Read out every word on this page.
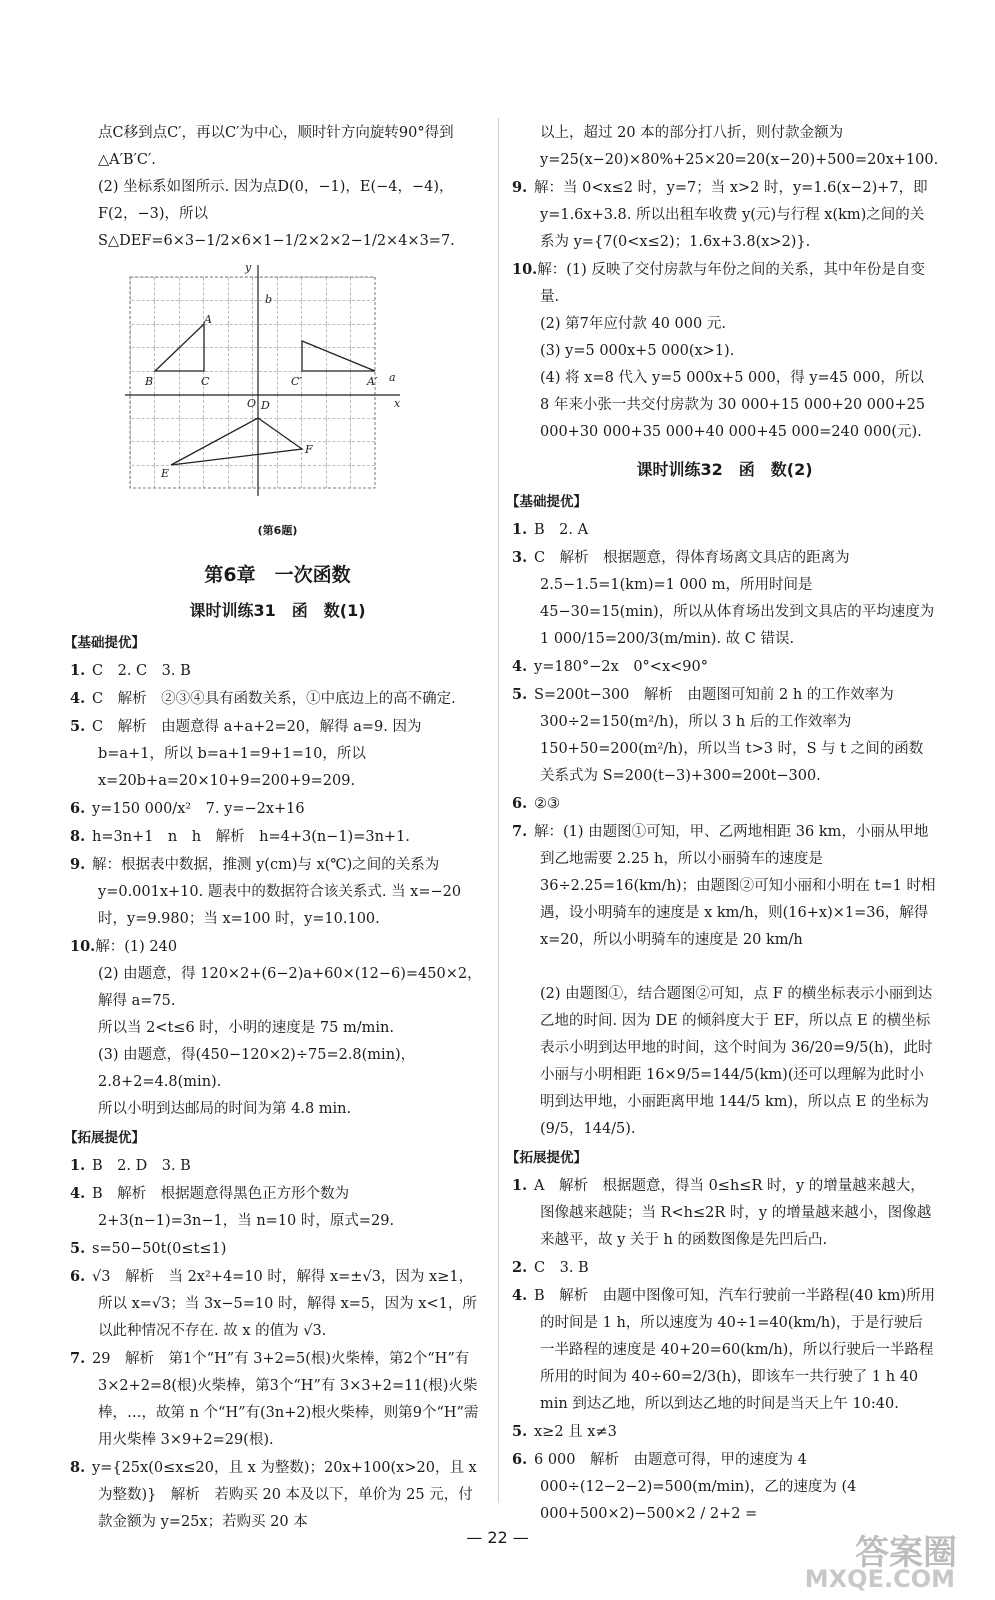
点C移到点C′，再以C′为中心，顺时针方向旋转90°得到△A′B′C′.

(2) 坐标系如图所示. 因为点D(0，−1)，E(−4，−4)，F(2，−3)，所以 S△DEF=6×3−1/2×6×1−1/2×2×2−1/2×4×3=7.

y
b
A
B	C	C′	A′ a
x
O D
F
E
(第6题)
第6章　一次函数
课时训练31　函　数(1)
【基础提优】

1. C　2. C　3. B

4. C　解析　②③④具有函数关系，①中底边上的高不确定.

5. C　解析　由题意得 a+a+2=20，解得 a=9. 因为 b=a+1，所以 b=a+1=9+1=10，所以 x=20b+a=20×10+9=200+9=209.

6. y=150 000/x²　7. y=−2x+16

8. h=3n+1　n　h　解析　h=4+3(n−1)=3n+1.

9. 解：根据表中数据，推测 y(cm)与 x(℃)之间的关系为 y=0.001x+10. 题表中的数据符合该关系式. 当 x=−20 时，y=9.980；当 x=100 时，y=10.100.

10.解：(1) 240

(2) 由题意，得 120×2+(6−2)a+60×(12−6)=450×2，解得 a=75.

所以当 2<t≤6 时，小明的速度是 75 m/min.

(3) 由题意，得(450−120×2)÷75=2.8(min)，2.8+2=4.8(min).

所以小明到达邮局的时间为第 4.8 min.

【拓展提优】

1. B　2. D　3. B

4. B　解析　根据题意得黑色正方形个数为 2+3(n−1)=3n−1，当 n=10 时，原式=29.

5. s=50−50t(0≤t≤1)

6. √3　解析　当 2x²+4=10 时，解得 x=±√3，因为 x≥1，所以 x=√3；当 3x−5=10 时，解得 x=5，因为 x<1，所以此种情况不存在. 故 x 的值为 √3.

7. 29　解析　第1个“H”有 3+2=5(根)火柴棒，第2个“H”有 3×2+2=8(根)火柴棒，第3个“H”有 3×3+2=11(根)火柴棒，…，故第 n 个“H”有(3n+2)根火柴棒，则第9个“H”需用火柴棒 3×9+2=29(根).

8. y={25x(0≤x≤20，且 x 为整数)；20x+100(x>20，且 x 为整数)}　解析　若购买 20 本及以下，单价为 25 元，付款金额为 y=25x；若购买 20 本

以上，超过 20 本的部分打八折，则付款金额为 y=25(x−20)×80%+25×20=20(x−20)+500=20x+100.

9. 解：当 0<x≤2 时，y=7；当 x>2 时，y=1.6(x−2)+7，即 y=1.6x+3.8. 所以出租车收费 y(元)与行程 x(km)之间的关系为 y={7(0<x≤2)；1.6x+3.8(x>2)}.

10.解：(1) 反映了交付房款与年份之间的关系，其中年份是自变量.

(2) 第7年应付款 40 000 元.

(3) y=5 000x+5 000(x>1).

(4) 将 x=8 代入 y=5 000x+5 000，得 y=45 000，所以 8 年来小张一共交付房款为 30 000+15 000+20 000+25 000+30 000+35 000+40 000+45 000=240 000(元).

课时训练32　函　数(2)
【基础提优】

1. B　2. A

3. C　解析　根据题意，得体育场离文具店的距离为 2.5−1.5=1(km)=1 000 m，所用时间是 45−30=15(min)，所以从体育场出发到文具店的平均速度为 1 000/15=200/3(m/min). 故 C 错误.

4. y=180°−2x　0°<x<90°

5. S=200t−300　解析　由题图可知前 2 h 的工作效率为 300÷2=150(m²/h)，所以 3 h 后的工作效率为 150+50=200(m²/h)，所以当 t>3 时，S 与 t 之间的函数关系式为 S=200(t−3)+300=200t−300.

6. ②③

7. 解：(1) 由题图①可知，甲、乙两地相距 36 km，小丽从甲地到乙地需要 2.25 h，所以小丽骑车的速度是 36÷2.25=16(km/h)；由题图②可知小丽和小明在 t=1 时相遇，设小明骑车的速度是 x km/h，则(16+x)×1=36，解得 x=20，所以小明骑车的速度是 20 km/h

(2) 由题图①，结合题图②可知，点 F 的横坐标表示小丽到达乙地的时间. 因为 DE 的倾斜度大于 EF，所以点 E 的横坐标表示小明到达甲地的时间，这个时间为 36/20=9/5(h)，此时小丽与小明相距 16×9/5=144/5(km)(还可以理解为此时小明到达甲地，小丽距离甲地 144/5 km)，所以点 E 的坐标为(9/5，144/5).

【拓展提优】

1. A　解析　根据题意，得当 0≤h≤R 时，y 的增量越来越大，图像越来越陡；当 R<h≤2R 时，y 的增量越来越小，图像越来越平，故 y 关于 h 的函数图像是先凹后凸.

2. C　3. B

4. B　解析　由题中图像可知，汽车行驶前一半路程(40 km)所用的时间是 1 h，所以速度为 40÷1=40(km/h)，于是行驶后一半路程的速度是 40+20=60(km/h)，所以行驶后一半路程所用的时间为 40÷60=2/3(h)，即该车一共行驶了 1 h 40 min 到达乙地，所以到达乙地的时间是当天上午 10:40.

5. x≥2 且 x≠3

6. 6 000　解析　由题意可得，甲的速度为 4 000÷(12−2−2)=500(m/min)，乙的速度为 (4 000+500×2)−500×2 / 2+2 =

— 22 —	答案圈
MXQE.COM
